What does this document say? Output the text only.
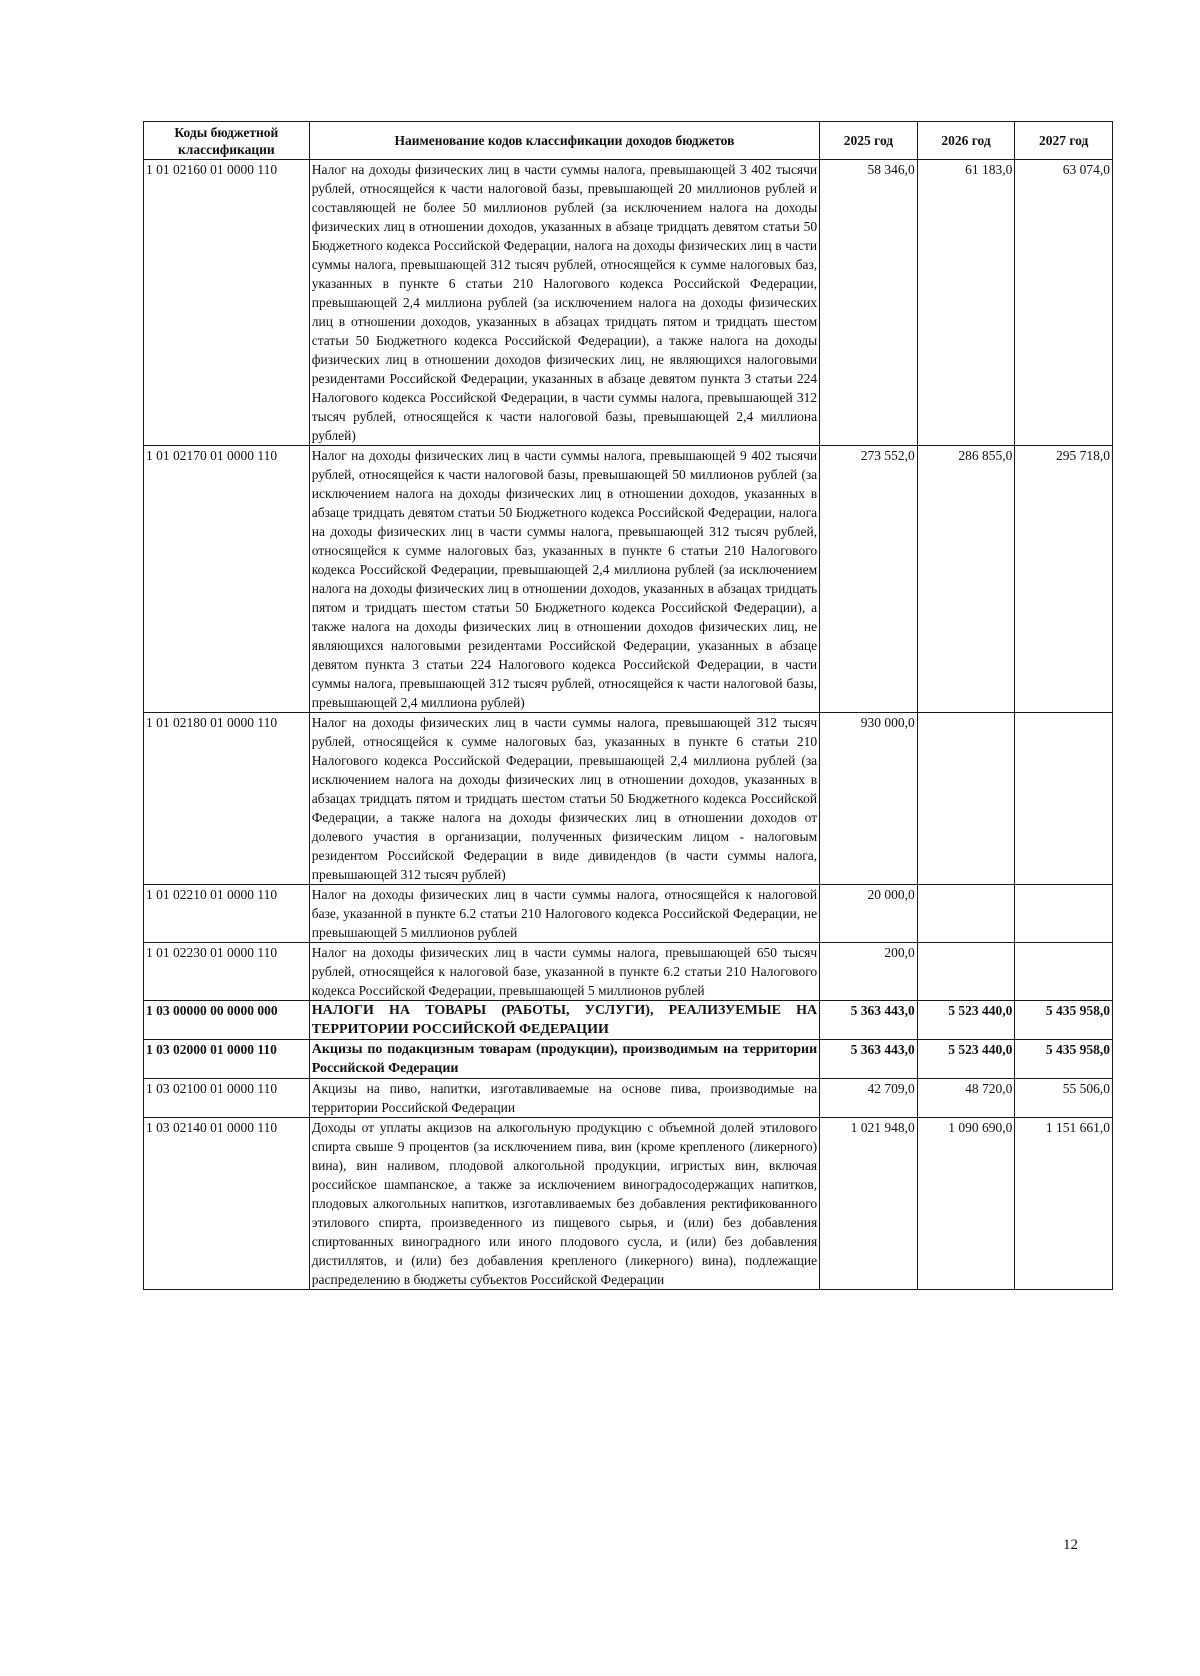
Коды бюджетной классификации	Наименование кодов классификации доходов бюджетов	2025 год	2026 год	2027 год
1 01 02160 01 0000 110	Налог на доходы физических лиц в части суммы налога, превышающей 3 402 тысячи рублей, относящейся к части налоговой базы, превышающей 20 миллионов рублей и составляющей не более 50 миллионов рублей (за исключением налога на доходы физических лиц в отношении доходов, указанных в абзаце тридцать девятом статьи 50 Бюджетного кодекса Российской Федерации, налога на доходы физических лиц в части суммы налога, превышающей 312 тысяч рублей, относящейся к сумме налоговых баз, указанных в пункте 6 статьи 210 Налогового кодекса Российской Федерации, превышающей 2,4 миллиона рублей (за исключением налога на доходы физических лиц в отношении доходов, указанных в абзацах тридцать пятом и тридцать шестом статьи 50 Бюджетного кодекса Российской Федерации), а также налога на доходы физических лиц в отношении доходов физических лиц, не являющихся налоговыми резидентами Российской Федерации, указанных в абзаце девятом пункта 3 статьи 224 Налогового кодекса Российской Федерации, в части суммы налога, превышающей 312 тысяч рублей, относящейся к части налоговой базы, превышающей 2,4 миллиона рублей)	58 346,0	61 183,0	63 074,0
1 01 02170 01 0000 110	Налог на доходы физических лиц в части суммы налога, превышающей 9 402 тысячи рублей, относящейся к части налоговой базы, превышающей 50 миллионов рублей (за исключением налога на доходы физических лиц в отношении доходов, указанных в абзаце тридцать девятом статьи 50 Бюджетного кодекса Российской Федерации, налога на доходы физических лиц в части суммы налога, превышающей 312 тысяч рублей, относящейся к сумме налоговых баз, указанных в пункте 6 статьи 210 Налогового кодекса Российской Федерации, превышающей 2,4 миллиона рублей (за исключением налога на доходы физических лиц в отношении доходов, указанных в абзацах тридцать пятом и тридцать шестом статьи 50 Бюджетного кодекса Российской Федерации), а также налога на доходы физических лиц в отношении доходов физических лиц, не являющихся налоговыми резидентами Российской Федерации, указанных в абзаце девятом пункта 3 статьи 224 Налогового кодекса Российской Федерации, в части суммы налога, превышающей 312 тысяч рублей, относящейся к части налоговой базы, превышающей 2,4 миллиона рублей)	273 552,0	286 855,0	295 718,0
1 01 02180 01 0000 110	Налог на доходы физических лиц в части суммы налога, превышающей 312 тысяч рублей, относящейся к сумме налоговых баз, указанных в пункте 6 статьи 210 Налогового кодекса Российской Федерации, превышающей 2,4 миллиона рублей (за исключением налога на доходы физических лиц в отношении доходов, указанных в абзацах тридцать пятом и тридцать шестом статьи 50 Бюджетного кодекса Российской Федерации, а также налога на доходы физических лиц в отношении доходов от долевого участия в организации, полученных физическим лицом - налоговым резидентом Российской Федерации в виде дивидендов (в части суммы налога, превышающей 312 тысяч рублей)	930 000,0		
1 01 02210 01 0000 110	Налог на доходы физических лиц в части суммы налога, относящейся к налоговой базе, указанной в пункте 6.2 статьи 210 Налогового кодекса Российской Федерации, не превышающей 5 миллионов рублей	20 000,0		
1 01 02230 01 0000 110	Налог на доходы физических лиц в части суммы налога, превышающей 650 тысяч рублей, относящейся к налоговой базе, указанной в пункте 6.2 статьи 210 Налогового кодекса Российской Федерации, превышающей 5 миллионов рублей	200,0		
1 03 00000 00 0000 000	НАЛОГИ НА ТОВАРЫ (РАБОТЫ, УСЛУГИ), РЕАЛИЗУЕМЫЕ НА ТЕРРИТОРИИ РОССИЙСКОЙ ФЕДЕРАЦИИ	5 363 443,0	5 523 440,0	5 435 958,0
1 03 02000 01 0000 110	Акцизы по подакцизным товарам (продукции), производимым на территории Российской Федерации	5 363 443,0	5 523 440,0	5 435 958,0
1 03 02100 01 0000 110	Акцизы на пиво, напитки, изготавливаемые на основе пива, производимые на территории Российской Федерации	42 709,0	48 720,0	55 506,0
1 03 02140 01 0000 110	Доходы от уплаты акцизов на алкогольную продукцию с объемной долей этилового спирта свыше 9 процентов (за исключением пива, вин (кроме крепленого (ликерного) вина), вин наливом, плодовой алкогольной продукции, игристых вин, включая российское шампанское, а также за исключением виноградосодержащих напитков, плодовых алкогольных напитков, изготавливаемых без добавления ректификованного этилового спирта, произведенного из пищевого сырья, и (или) без добавления спиртованных виноградного или иного плодового сусла, и (или) без добавления дистиллятов, и (или) без добавления крепленого (ликерного) вина), подлежащие распределению в бюджеты субъектов Российской Федерации	1 021 948,0	1 090 690,0	1 151 661,0
12
